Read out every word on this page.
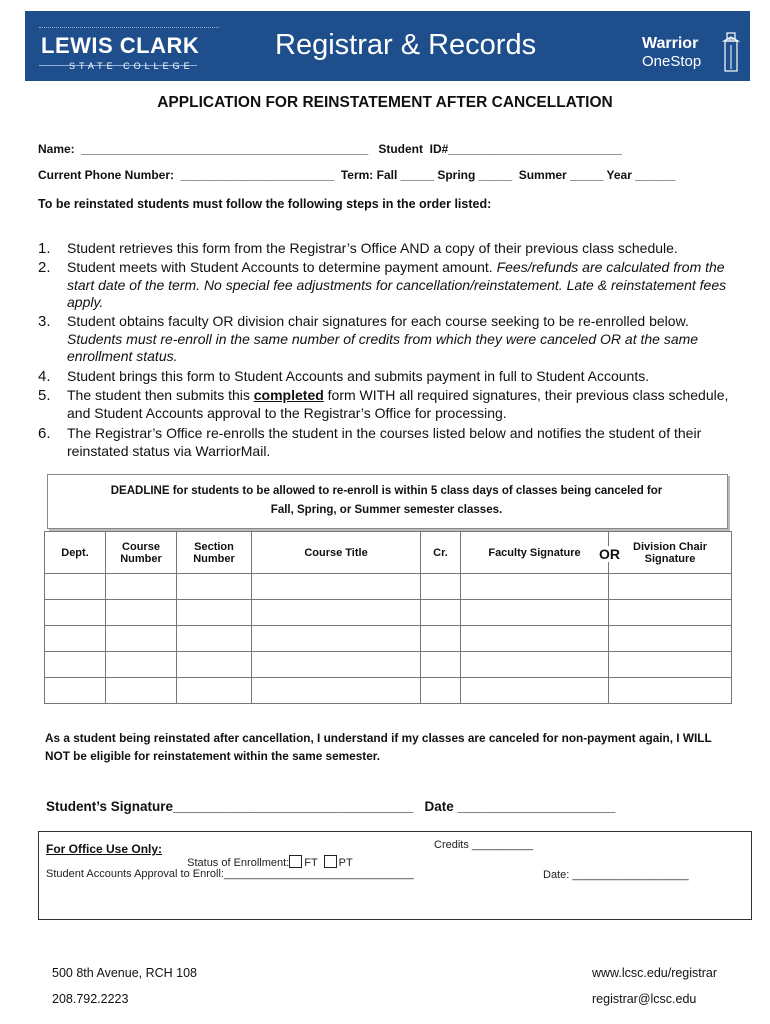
LEWIS CLARK
STATE COLLEGE
Registrar & Records	Warrior
OneStop
APPLICATION FOR REINSTATEMENT AFTER CANCELLATION
Name:  ___________________________________________   Student  ID#__________________________
Current Phone Number:  _______________________  Term: Fall _____ Spring _____  Summer _____ Year ______
To be reinstated students must follow the following steps in the order listed:
1. Student retrieves this form from the Registrar’s Office AND a copy of their previous class schedule.
2. Student meets with Student Accounts to determine payment amount. Fees/refunds are calculated from the start date of the term. No special fee adjustments for cancellation/reinstatement. Late & reinstatement fees apply.
3. Student obtains faculty OR division chair signatures for each course seeking to be re-enrolled below. Students must re-enroll in the same number of credits from which they were canceled OR at the same enrollment status.
4. Student brings this form to Student Accounts and submits payment in full to Student Accounts.
5. The student then submits this completed form WITH all required signatures, their previous class schedule, and Student Accounts approval to the Registrar’s Office for processing.
6. The Registrar’s Office re-enrolls the student in the courses listed below and notifies the student of their reinstated status via WarriorMail.
DEADLINE for students to be allowed to re-enroll is within 5 class days of classes being canceled for
Fall, Spring, or Summer semester classes.
Dept.	Course Number	Section Number	Course Title	Cr.	Faculty Signature OR	Division Chair Signature

As a student being reinstated after cancellation, I understand if my classes are canceled for non-payment again, I WILL NOT be eligible for reinstatement within the same semester.
Student’s Signature________________________________   Date _____________________
For Office Use Only:

Status of Enrollment: FT PT

Credits __________
Student Accounts Approval to Enroll:_______________________________	Date: ___________________
500 8th Avenue, RCH 108
208.792.2223
www.lcsc.edu/registrar
registrar@lcsc.edu
